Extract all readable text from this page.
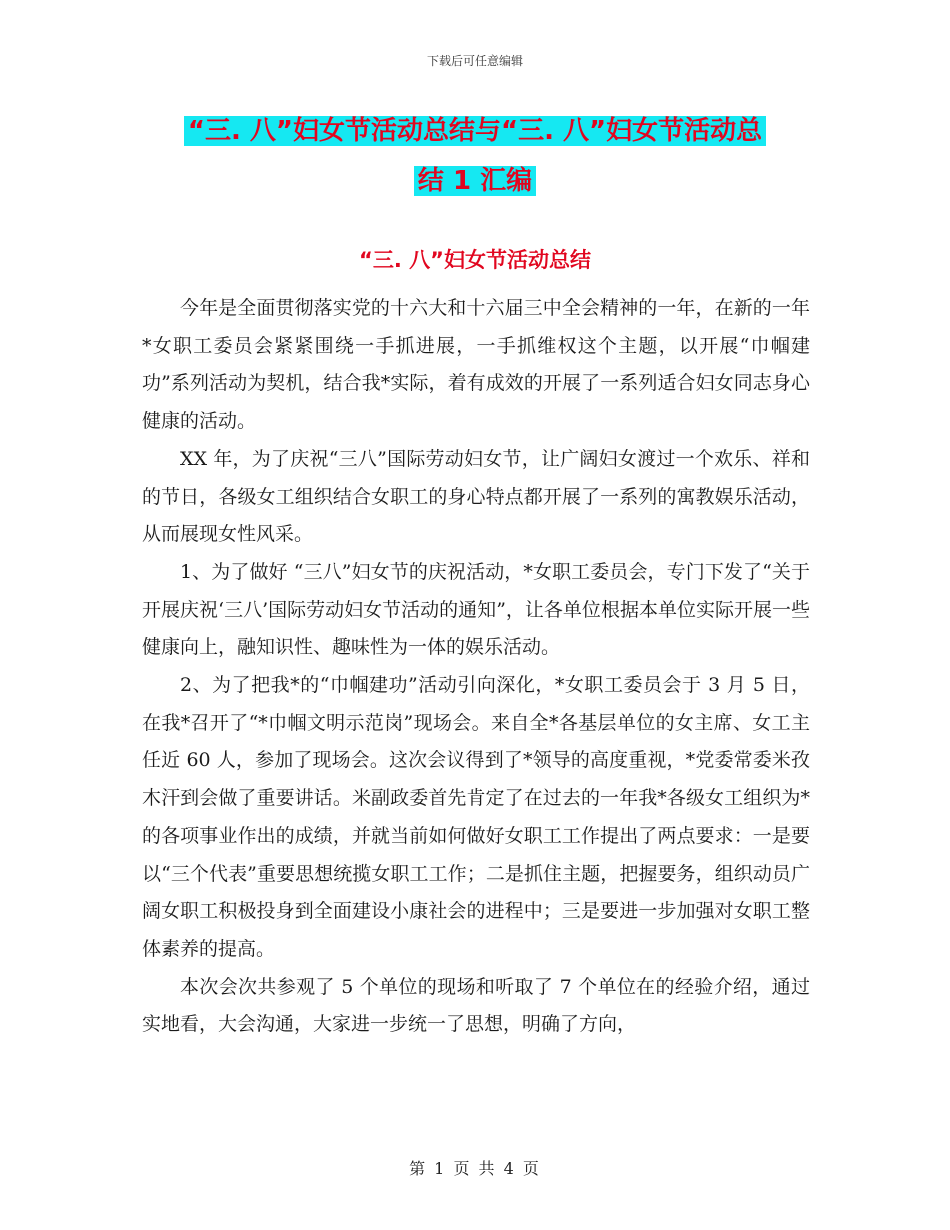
下载后可任意编辑
“三. 八”妇女节活动总结与“三. 八”妇女节活动总
结 1 汇编
“三. 八”妇女节活动总结

今年是全面贯彻落实党的十六大和十六届三中全会精神的一年，在新的一年*女职工委员会紧紧围绕一手抓进展，一手抓维权这个主题，以开展“巾帼建功”系列活动为契机，结合我*实际，着有成效的开展了一系列适合妇女同志身心健康的活动。

XX 年，为了庆祝“三八”国际劳动妇女节，让广阔妇女渡过一个欢乐、祥和的节日，各级女工组织结合女职工的身心特点都开展了一系列的寓教娱乐活动，从而展现女性风采。

1、为了做好 “三八”妇女节的庆祝活动，*女职工委员会，专门下发了“关于开展庆祝‘三八’国际劳动妇女节活动的通知”，让各单位根据本单位实际开展一些健康向上，融知识性、趣味性为一体的娱乐活动。

2、为了把我*的“巾帼建功”活动引向深化，*女职工委员会于 3 月 5 日，在我*召开了“*巾帼文明示范岗”现场会。来自全*各基层单位的女主席、女工主任近 60 人，参加了现场会。这次会议得到了*领导的高度重视，*党委常委米孜木汗到会做了重要讲话。米副政委首先肯定了在过去的一年我*各级女工组织为*的各项事业作出的成绩，并就当前如何做好女职工工作提出了两点要求：一是要以“三个代表”重要思想统揽女职工工作；二是抓住主题，把握要务，组织动员广阔女职工积极投身到全面建设小康社会的进程中；三是要进一步加强对女职工整体素养的提高。

本次会次共参观了 5 个单位的现场和听取了 7 个单位在的经验介绍，通过实地看，大会沟通，大家进一步统一了思想，明确了方向，

第 1 页 共 4 页
